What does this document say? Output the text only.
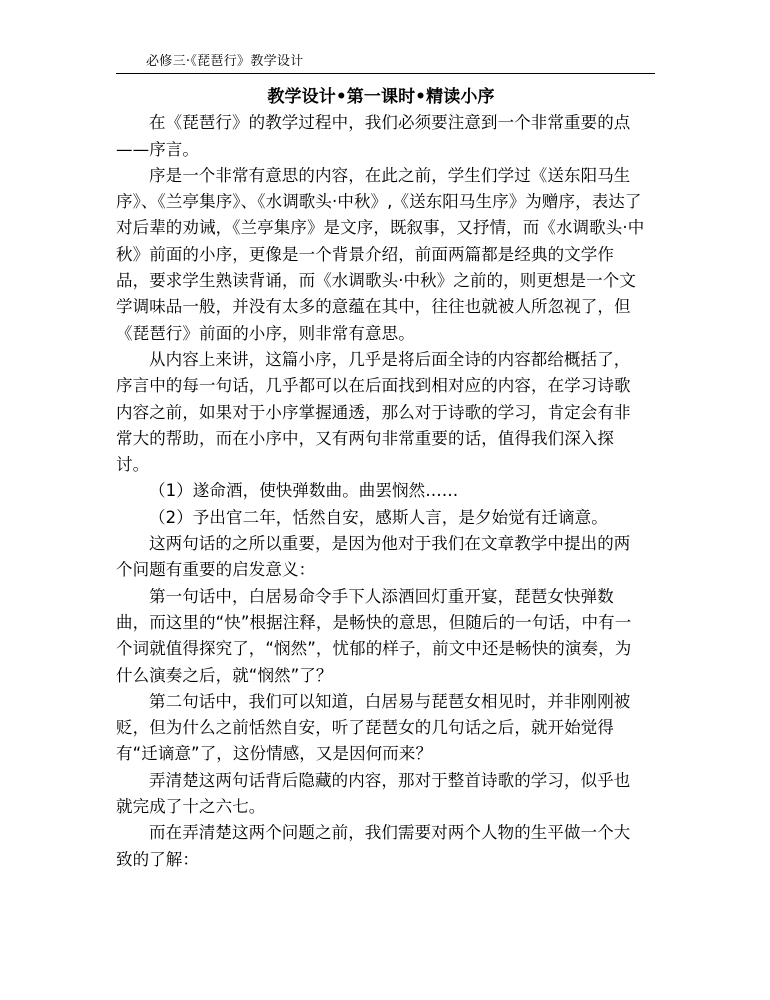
必修三·《琵琶行》教学设计
教学设计•第一课时•精读小序

在《琵琶行》的教学过程中，我们必须要注意到一个非常重要的点——序言。

序是一个非常有意思的内容，在此之前，学生们学过《送东阳马生序》、《兰亭集序》、《水调歌头·中秋》,《送东阳马生序》为赠序，表达了对后辈的劝诫，《兰亭集序》是文序，既叙事，又抒情，而《水调歌头·中秋》前面的小序，更像是一个背景介绍，前面两篇都是经典的文学作品，要求学生熟读背诵，而《水调歌头·中秋》之前的，则更想是一个文学调味品一般，并没有太多的意蕴在其中，往往也就被人所忽视了，但《琵琶行》前面的小序，则非常有意思。

从内容上来讲，这篇小序，几乎是将后面全诗的内容都给概括了，序言中的每一句话，几乎都可以在后面找到相对应的内容，在学习诗歌内容之前，如果对于小序掌握通透，那么对于诗歌的学习，肯定会有非常大的帮助，而在小序中，又有两句非常重要的话，值得我们深入探讨。

（1）遂命酒，使快弹数曲。曲罢悯然……

（2）予出官二年，恬然自安，感斯人言，是夕始觉有迁谪意。

这两句话的之所以重要，是因为他对于我们在文章教学中提出的两个问题有重要的启发意义：

第一句话中，白居易命令手下人添酒回灯重开宴，琵琶女快弹数曲，而这里的“快”根据注释，是畅快的意思，但随后的一句话，中有一个词就值得探究了，“悯然”，忧郁的样子，前文中还是畅快的演奏，为什么演奏之后，就“悯然”了？

第二句话中，我们可以知道，白居易与琵琶女相见时，并非刚刚被贬，但为什么之前恬然自安，听了琵琶女的几句话之后，就开始觉得有“迁谪意”了，这份情感，又是因何而来？

弄清楚这两句话背后隐藏的内容，那对于整首诗歌的学习，似乎也就完成了十之六七。

而在弄清楚这两个问题之前，我们需要对两个人物的生平做一个大致的了解：
